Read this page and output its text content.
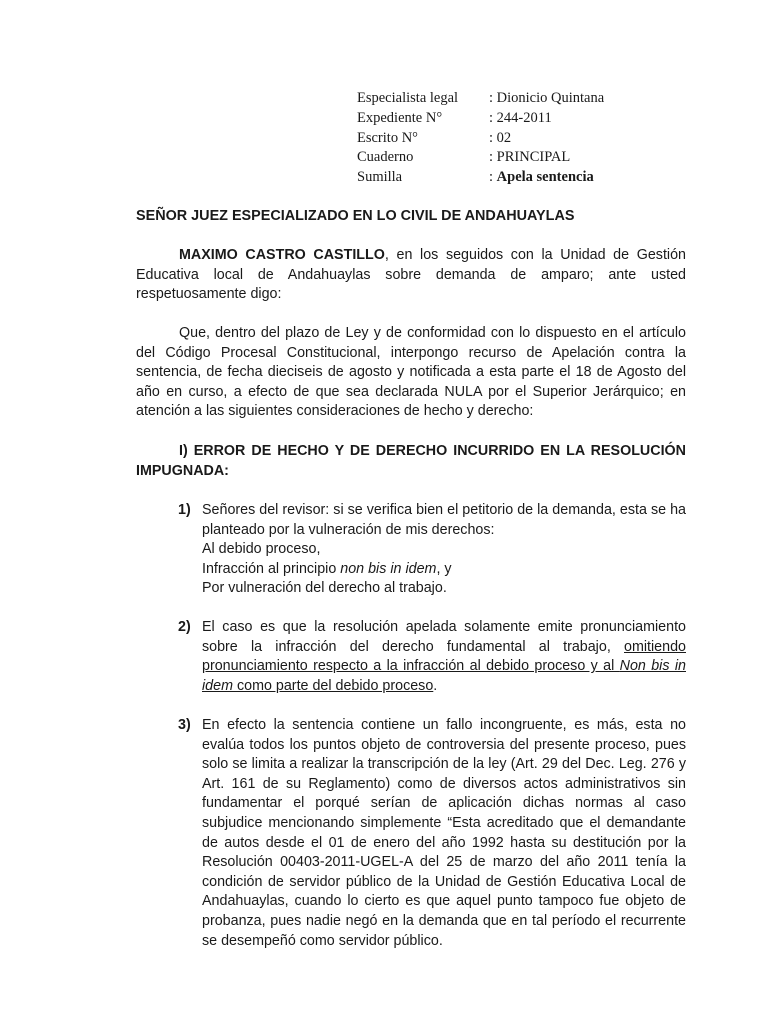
Especialista legal	: Dionicio Quintana
Expediente N°	: 244-2011
Escrito N°	: 02
Cuaderno	: PRINCIPAL
Sumilla	: Apela sentencia
SEÑOR JUEZ ESPECIALIZADO EN LO CIVIL DE ANDAHUAYLAS
MAXIMO CASTRO CASTILLO, en los seguidos con la Unidad de Gestión Educativa local de Andahuaylas sobre demanda de amparo; ante usted respetuosamente digo:
Que, dentro del plazo de Ley y de conformidad con lo dispuesto en el artículo del Código Procesal Constitucional, interpongo recurso de Apelación contra la sentencia, de fecha dieciseis de agosto y notificada a esta parte el 18 de Agosto del año en curso, a efecto de que sea declarada NULA por el Superior Jerárquico; en atención a las siguientes consideraciones de hecho y derecho:
I) ERROR DE HECHO Y DE DERECHO INCURRIDO EN LA RESOLUCIÓN IMPUGNADA:
1) Señores del revisor: si se verifica bien el petitorio de la demanda, esta se ha planteado por la vulneración de mis derechos:
Al debido proceso,
Infracción al principio non bis in idem, y
Por vulneración del derecho al trabajo.
2) El caso es que la resolución apelada solamente emite pronunciamiento sobre la infracción del derecho fundamental al trabajo, omitiendo pronunciamiento respecto a la infracción al debido proceso y al Non bis in idem como parte del debido proceso.
3) En efecto la sentencia contiene un fallo incongruente, es más, esta no evalúa todos los puntos objeto de controversia del presente proceso, pues solo se limita a realizar la transcripción de la ley (Art. 29 del Dec. Leg. 276 y Art. 161 de su Reglamento) como de diversos actos administrativos sin fundamentar el porqué serían de aplicación dichas normas al caso subjudice mencionando simplemente “Esta acreditado que el demandante de autos desde el 01 de enero del año 1992 hasta su destitución por la Resolución 00403-2011-UGEL-A del 25 de marzo del año 2011 tenía la condición de servidor público de la Unidad de Gestión Educativa Local de Andahuaylas, cuando lo cierto es que aquel punto tampoco fue objeto de probanza, pues nadie negó en la demanda que en tal período el recurrente se desempeñó como servidor público.
